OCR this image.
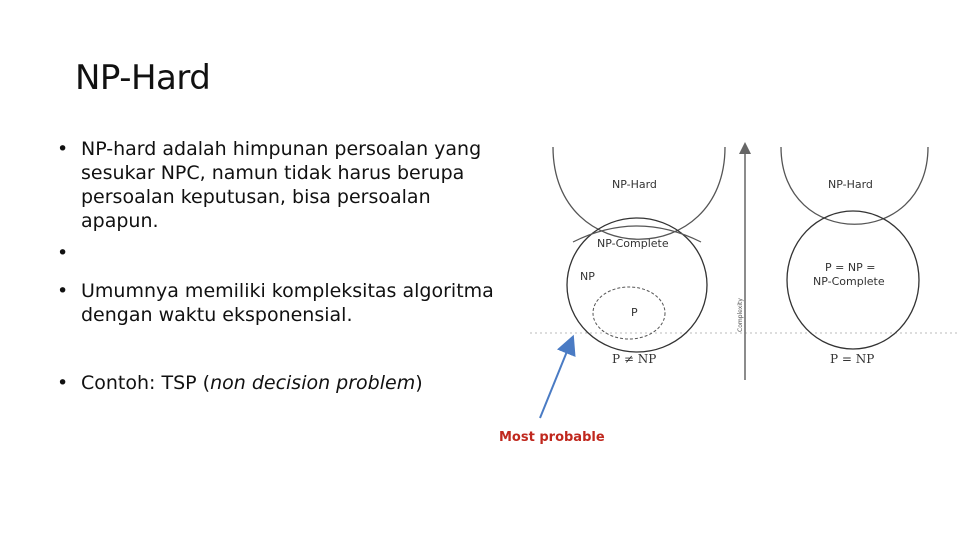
NP-Hard
• NP-hard adalah himpunan persoalan yang sesukar NPC, namun tidak harus berupa persoalan keputusan, bisa persoalan apapun.
•
• Umumnya memiliki kompleksitas algoritma dengan waktu eksponensial.
• Contoh: TSP (non decision problem)
NP-Hard
NP-Complete
NP
P
P ≠ NP
Complexity
NP-Hard
P = NP =
NP-Complete
P = NP
Most probable
